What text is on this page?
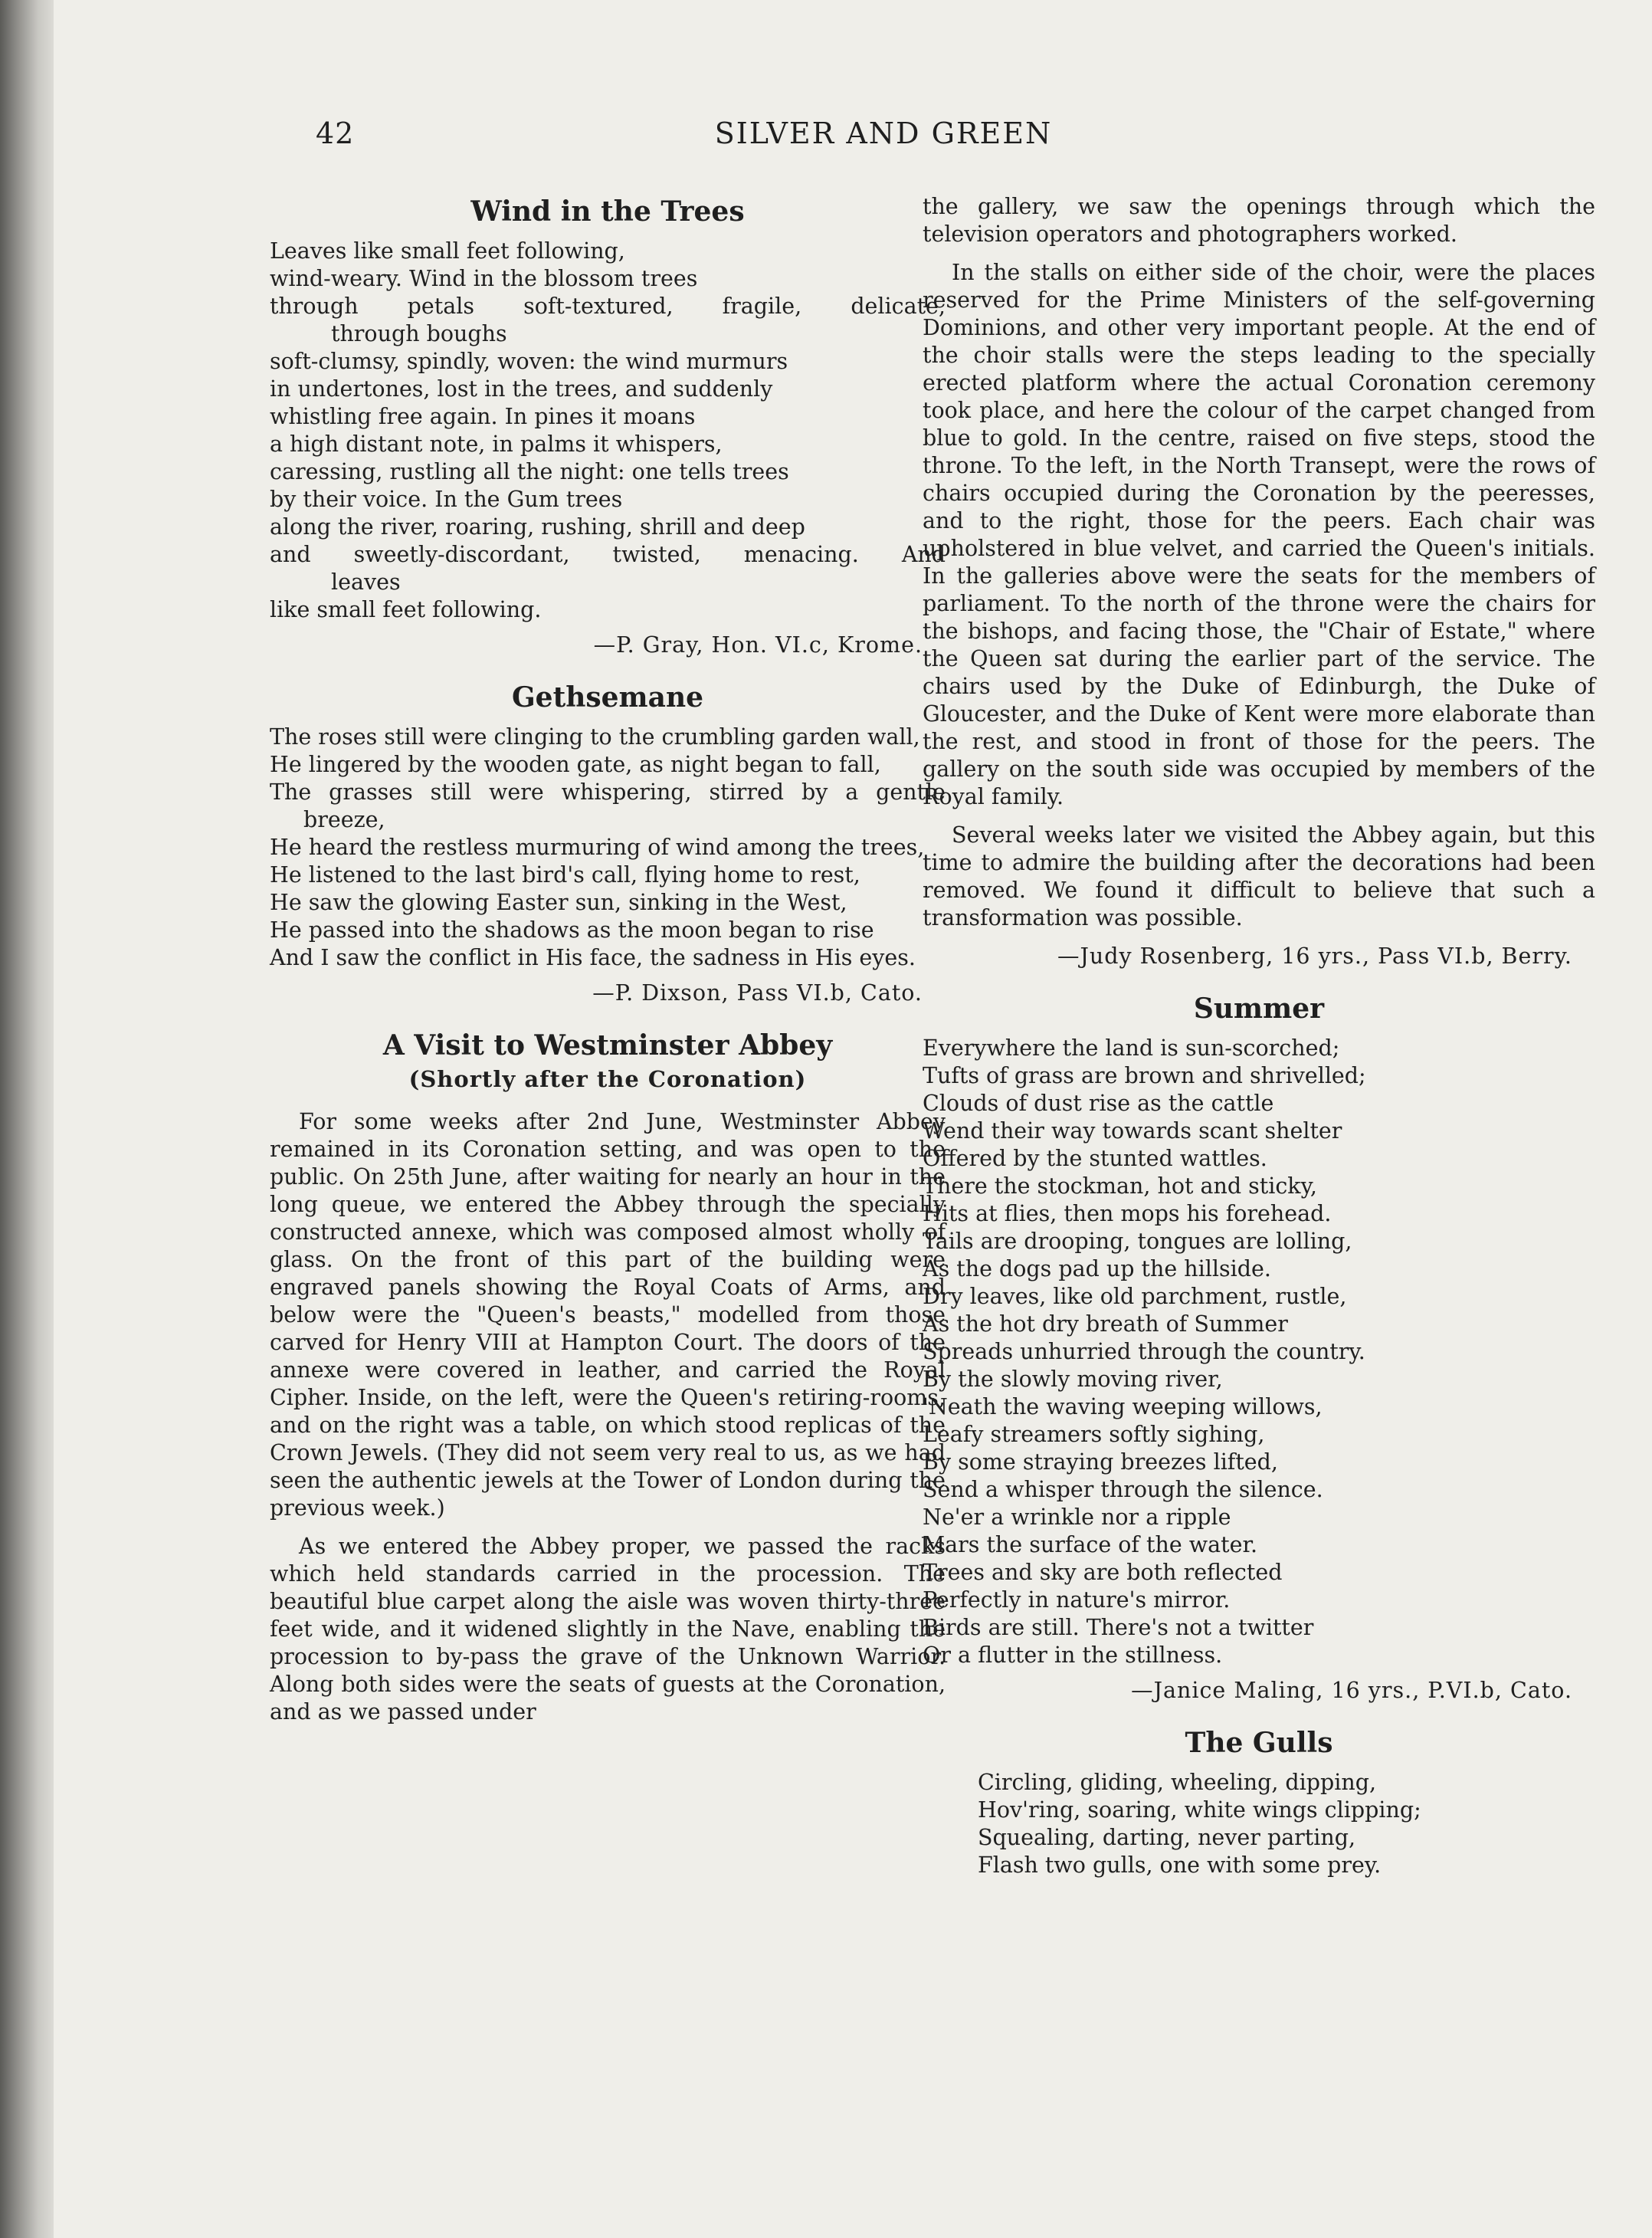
42	SILVER AND GREEN
Wind in the Trees
Leaves like small feet following,
wind-weary. Wind in the blossom trees
through petals soft-textured, fragile, delicate,
through boughs
soft-clumsy, spindly, woven: the wind murmurs
in undertones, lost in the trees, and suddenly
whistling free again. In pines it moans
a high distant note, in palms it whispers,
caressing, rustling all the night: one tells trees
by their voice. In the Gum trees
along the river, roaring, rushing, shrill and deep
and sweetly-discordant, twisted, menacing. And
leaves
like small feet following.
—P. Gray, Hon. VI.c, Krome.
Gethsemane
The roses still were clinging to the crumbling garden wall,
He lingered by the wooden gate, as night began to fall,
The grasses still were whispering, stirred by a gentle breeze,
He heard the restless murmuring of wind among the trees,
He listened to the last bird's call, flying home to rest,
He saw the glowing Easter sun, sinking in the West,
He passed into the shadows as the moon began to rise
And I saw the conflict in His face, the sadness in His eyes.
—P. Dixson, Pass VI.b, Cato.
A Visit to Westminster Abbey
(Shortly after the Coronation)

For some weeks after 2nd June, Westminster Abbey remained in its Coronation setting, and was open to the public. On 25th June, after waiting for nearly an hour in the long queue, we entered the Abbey through the specially constructed annexe, which was composed almost wholly of glass. On the front of this part of the building were engraved panels showing the Royal Coats of Arms, and below were the "Queen's beasts," modelled from those carved for Henry VIII at Hampton Court. The doors of the annexe were covered in leather, and carried the Royal Cipher. Inside, on the left, were the Queen's retiring-rooms, and on the right was a table, on which stood replicas of the Crown Jewels. (They did not seem very real to us, as we had seen the authentic jewels at the Tower of London during the previous week.)

As we entered the Abbey proper, we passed the racks which held standards carried in the procession. The beautiful blue carpet along the aisle was woven thirty-three feet wide, and it widened slightly in the Nave, enabling the procession to by-pass the grave of the Unknown Warrior. Along both sides were the seats of guests at the Coronation, and as we passed under

the gallery, we saw the openings through which the television operators and photographers worked.

In the stalls on either side of the choir, were the places reserved for the Prime Ministers of the self-governing Dominions, and other very important people. At the end of the choir stalls were the steps leading to the specially erected platform where the actual Coronation ceremony took place, and here the colour of the carpet changed from blue to gold. In the centre, raised on five steps, stood the throne. To the left, in the North Transept, were the rows of chairs occupied during the Coronation by the peeresses, and to the right, those for the peers. Each chair was upholstered in blue velvet, and carried the Queen's initials. In the galleries above were the seats for the members of parliament. To the north of the throne were the chairs for the bishops, and facing those, the "Chair of Estate," where the Queen sat during the earlier part of the service. The chairs used by the Duke of Edinburgh, the Duke of Gloucester, and the Duke of Kent were more elaborate than the rest, and stood in front of those for the peers. The gallery on the south side was occupied by members of the Royal family.

Several weeks later we visited the Abbey again, but this time to admire the building after the decorations had been removed. We found it difficult to believe that such a transformation was possible.

—Judy Rosenberg, 16 yrs., Pass VI.b, Berry.
Summer
Everywhere the land is sun-scorched;
Tufts of grass are brown and shrivelled;
Clouds of dust rise as the cattle
Wend their way towards scant shelter
Offered by the stunted wattles.
There the stockman, hot and sticky,
Hits at flies, then mops his forehead.
Tails are drooping, tongues are lolling,
As the dogs pad up the hillside.
Dry leaves, like old parchment, rustle,
As the hot dry breath of Summer
Spreads unhurried through the country.
By the slowly moving river,
'Neath the waving weeping willows,
Leafy streamers softly sighing,
By some straying breezes lifted,
Send a whisper through the silence.
Ne'er a wrinkle nor a ripple
Mars the surface of the water.
Trees and sky are both reflected
Perfectly in nature's mirror.
Birds are still. There's not a twitter
Or a flutter in the stillness.
—Janice Maling, 16 yrs., P.VI.b, Cato.
The Gulls
Circling, gliding, wheeling, dipping,
Hov'ring, soaring, white wings clipping;
Squealing, darting, never parting,
Flash two gulls, one with some prey.
